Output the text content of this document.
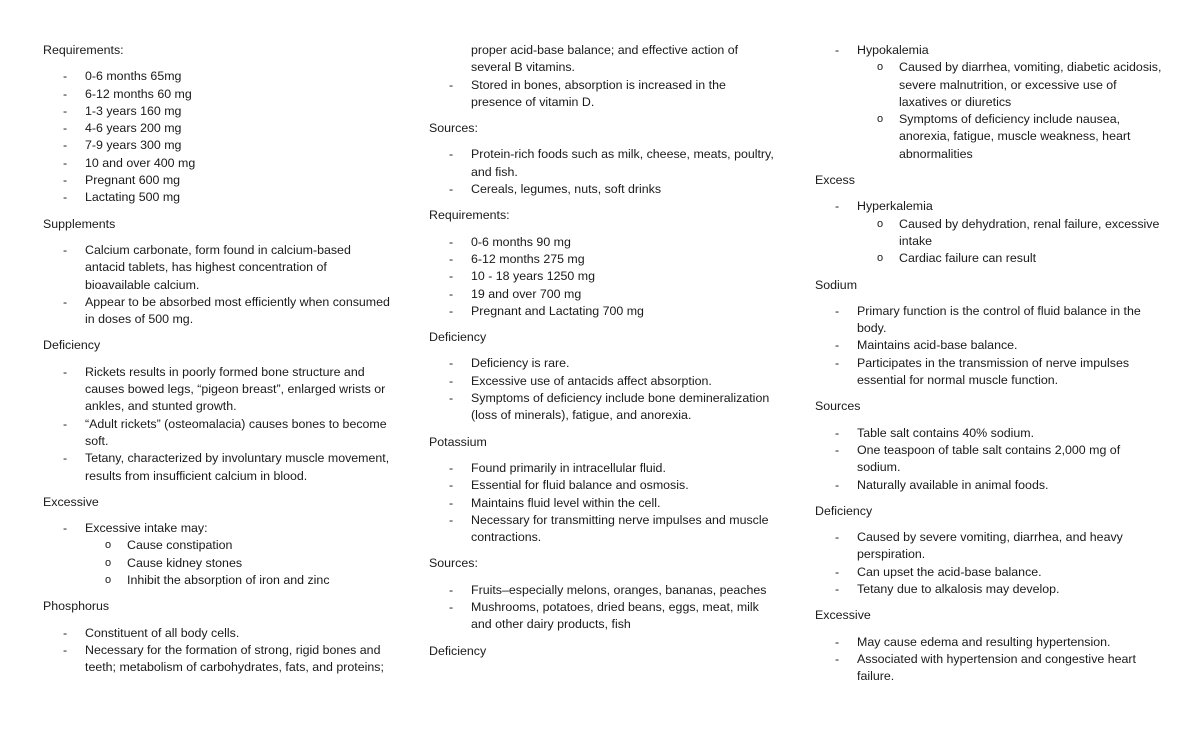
Requirements:
- 0-6 months 65mg
- 6-12 months 60 mg
- 1-3 years 160 mg
- 4-6 years 200 mg
- 7-9 years 300 mg
- 10 and over 400 mg
- Pregnant 600 mg
- Lactating 500 mg
Supplements
- Calcium carbonate, form found in calcium-based antacid tablets, has highest concentration of bioavailable calcium.
- Appear to be absorbed most efficiently when consumed in doses of 500 mg.
Deficiency
- Rickets results in poorly formed bone structure and causes bowed legs, “pigeon breast”, enlarged wrists or ankles, and stunted growth.
- “Adult rickets” (osteomalacia) causes bones to become soft.
- Tetany, characterized by involuntary muscle movement, results from insufficient calcium in blood.
Excessive
- Excessive intake may:
o Cause constipation
o Cause kidney stones
o Inhibit the absorption of iron and zinc
Phosphorus
- Constituent of all body cells.
- Necessary for the formation of strong, rigid bones and teeth; metabolism of carbohydrates, fats, and proteins;
proper acid-base balance; and effective action of several B vitamins.
- Stored in bones, absorption is increased in the presence of vitamin D.
Sources:
- Protein-rich foods such as milk, cheese, meats, poultry, and fish.
- Cereals, legumes, nuts, soft drinks
Requirements:
- 0-6 months 90 mg
- 6-12 months 275 mg
- 10 - 18 years 1250 mg
- 19 and over 700 mg
- Pregnant and Lactating 700 mg
Deficiency
- Deficiency is rare.
- Excessive use of antacids affect absorption.
- Symptoms of deficiency include bone demineralization (loss of minerals), fatigue, and anorexia.
Potassium
- Found primarily in intracellular fluid.
- Essential for fluid balance and osmosis.
- Maintains fluid level within the cell.
- Necessary for transmitting nerve impulses and muscle contractions.
Sources:
- Fruits–especially melons, oranges, bananas, peaches
- Mushrooms, potatoes, dried beans, eggs, meat, milk and other dairy products, fish
Deficiency
- Hypokalemia
o Caused by diarrhea, vomiting, diabetic acidosis, severe malnutrition, or excessive use of laxatives or diuretics
o Symptoms of deficiency include nausea, anorexia, fatigue, muscle weakness, heart abnormalities
Excess
- Hyperkalemia
o Caused by dehydration, renal failure, excessive intake
o Cardiac failure can result
Sodium
- Primary function is the control of fluid balance in the body.
- Maintains acid-base balance.
- Participates in the transmission of nerve impulses essential for normal muscle function.
Sources
- Table salt contains 40% sodium.
- One teaspoon of table salt contains 2,000 mg of sodium.
- Naturally available in animal foods.
Deficiency
- Caused by severe vomiting, diarrhea, and heavy perspiration.
- Can upset the acid-base balance.
- Tetany due to alkalosis may develop.
Excessive
- May cause edema and resulting hypertension.
- Associated with hypertension and congestive heart failure.
